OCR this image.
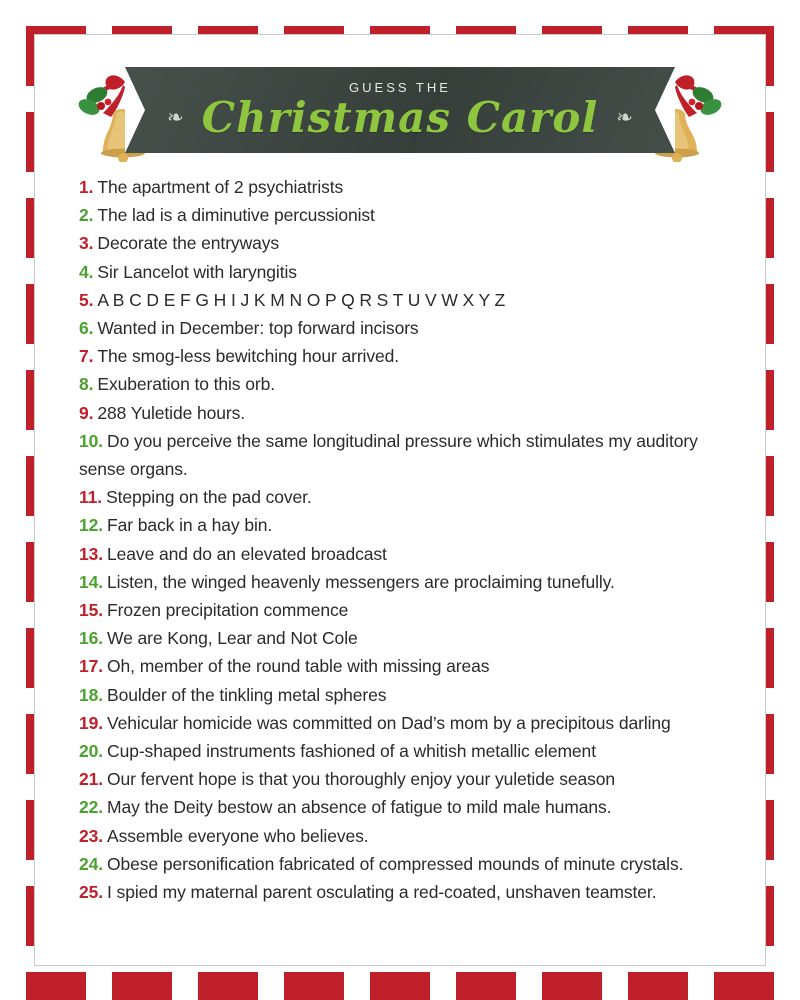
❧	❧
GUESS THE
Christmas Carol
1. The apartment of 2 psychiatrists
2. The lad is a diminutive percussionist
3. Decorate the entryways
4. Sir Lancelot with laryngitis
5. A B C D E F G H I J K M N O P Q R S T U V W X Y Z
6. Wanted in December: top forward incisors
7. The smog-less bewitching hour arrived.
8. Exuberation to this orb.
9. 288 Yuletide hours.
10. Do you perceive the same longitudinal pressure which stimulates my auditory sense organs.
11. Stepping on the pad cover.
12. Far back in a hay bin.
13. Leave and do an elevated broadcast
14. Listen, the winged heavenly messengers are proclaiming tunefully.
15. Frozen precipitation commence
16. We are Kong, Lear and Not Cole
17. Oh, member of the round table with missing areas
18. Boulder of the tinkling metal spheres
19. Vehicular homicide was committed on Dad’s mom by a precipitous darling
20. Cup-shaped instruments fashioned of a whitish metallic element
21. Our fervent hope is that you thoroughly enjoy your yuletide season
22. May the Deity bestow an absence of fatigue to mild male humans.
23. Assemble everyone who believes.
24. Obese personification fabricated of compressed mounds of minute crystals.
25. I spied my maternal parent osculating a red-coated, unshaven teamster.
